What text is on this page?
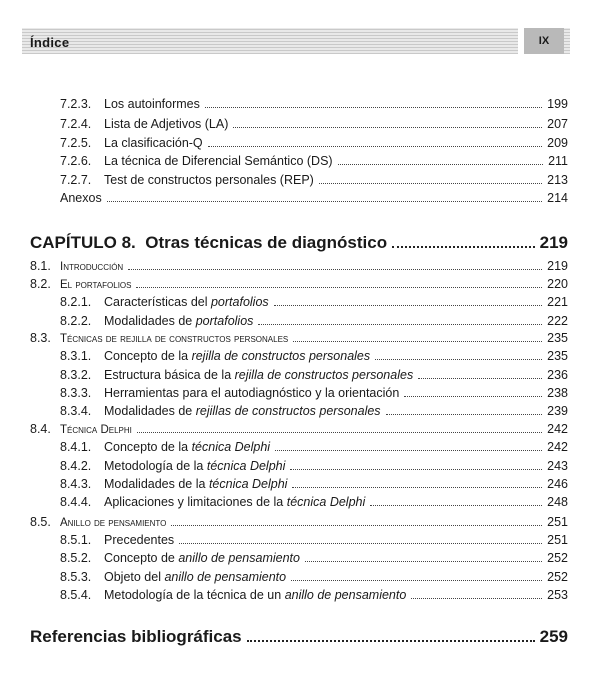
Índice	IX
7.2.3.	Los autoinformes	199
7.2.4.	Lista de Adjetivos (LA)	207
7.2.5.	La clasificación-Q	209
7.2.6.	La técnica de Diferencial Semántico (DS)	211
7.2.7.	Test de constructos personales (REP)	213
Anexos	214
CAPÍTULO 8.  Otras técnicas de diagnóstico	219
8.1. Introducción	219
8.2. El portafolios	220
8.2.1.	Características del portafolios	221
8.2.2.	Modalidades de portafolios	222
8.3. Técnicas de rejilla de constructos personales	235
8.3.1.	Concepto de la rejilla de constructos personales	235
8.3.2.	Estructura básica de la rejilla de constructos personales	236
8.3.3.	Herramientas para el autodiagnóstico y la orientación	238
8.3.4.	Modalidades de rejillas de constructos personales	239
8.4. Técnica Delphi	242
8.4.1.	Concepto de la técnica Delphi	242
8.4.2.	Metodología de la técnica Delphi	243
8.4.3.	Modalidades de la técnica Delphi	246
8.4.4.	Aplicaciones y limitaciones de la técnica Delphi	248
8.5. Anillo de pensamiento	251
8.5.1.	Precedentes	251
8.5.2.	Concepto de anillo de pensamiento	252
8.5.3.	Objeto del anillo de pensamiento	252
8.5.4.	Metodología de la técnica de un anillo de pensamiento	253
Referencias bibliográficas	259
